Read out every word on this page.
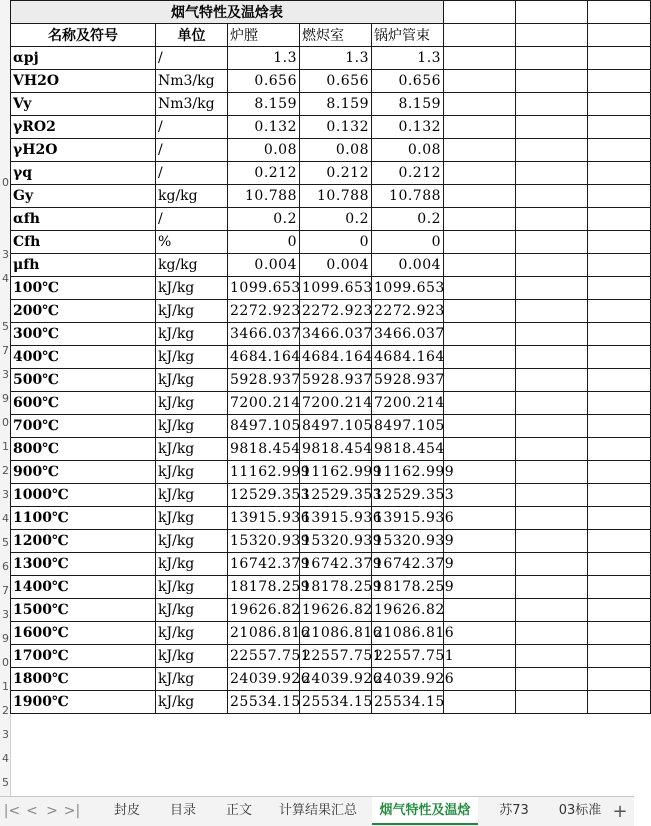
0
3
4
5
7
3
9
0
1
2
3
4
5
6
7
3
9
0
1
2
3
4
5
烟气特性及温焓表							
名称及符号	单位	炉膛	燃烬室	锅炉管束			
αpj	/	1.3	1.3	1.3			
VH2O	Nm3/kg	0.656	0.656	0.656			
Vy	Nm3/kg	8.159	8.159	8.159			
γRO2	/	0.132	0.132	0.132			
γH2O	/	0.08	0.08	0.08			
γq	/	0.212	0.212	0.212			
Gy	kg/kg	10.788	10.788	10.788			
αfh	/	0.2	0.2	0.2			
Cfh	%	0	0	0			
μfh	kg/kg	0.004	0.004	0.004			
100℃	kJ/kg	1099.653	1099.653	1099.653			
200℃	kJ/kg	2272.923	2272.923	2272.923			
300℃	kJ/kg	3466.037	3466.037	3466.037			
400℃	kJ/kg	4684.164	4684.164	4684.164			
500℃	kJ/kg	5928.937	5928.937	5928.937			
600℃	kJ/kg	7200.214	7200.214	7200.214			
700℃	kJ/kg	8497.105	8497.105	8497.105			
800℃	kJ/kg	9818.454	9818.454	9818.454			
900℃	kJ/kg	11162.999	11162.999	11162.999			
1000℃	kJ/kg	12529.353	12529.353	12529.353			
1100℃	kJ/kg	13915.936	13915.936	13915.936			
1200℃	kJ/kg	15320.939	15320.939	15320.939			
1300℃	kJ/kg	16742.379	16742.379	16742.379			
1400℃	kJ/kg	18178.259	18178.259	18178.259			
1500℃	kJ/kg	19626.82	19626.82	19626.82			
1600℃	kJ/kg	21086.816	21086.816	21086.816			
1700℃	kJ/kg	22557.751	22557.751	22557.751			
1800℃	kJ/kg	24039.926	24039.926	24039.926			
1900℃	kJ/kg	25534.15	25534.15	25534.15			
|< < > >|	封皮	目录	正文	计算结果汇总	烟气特性及温焓	苏73	03标准 +
